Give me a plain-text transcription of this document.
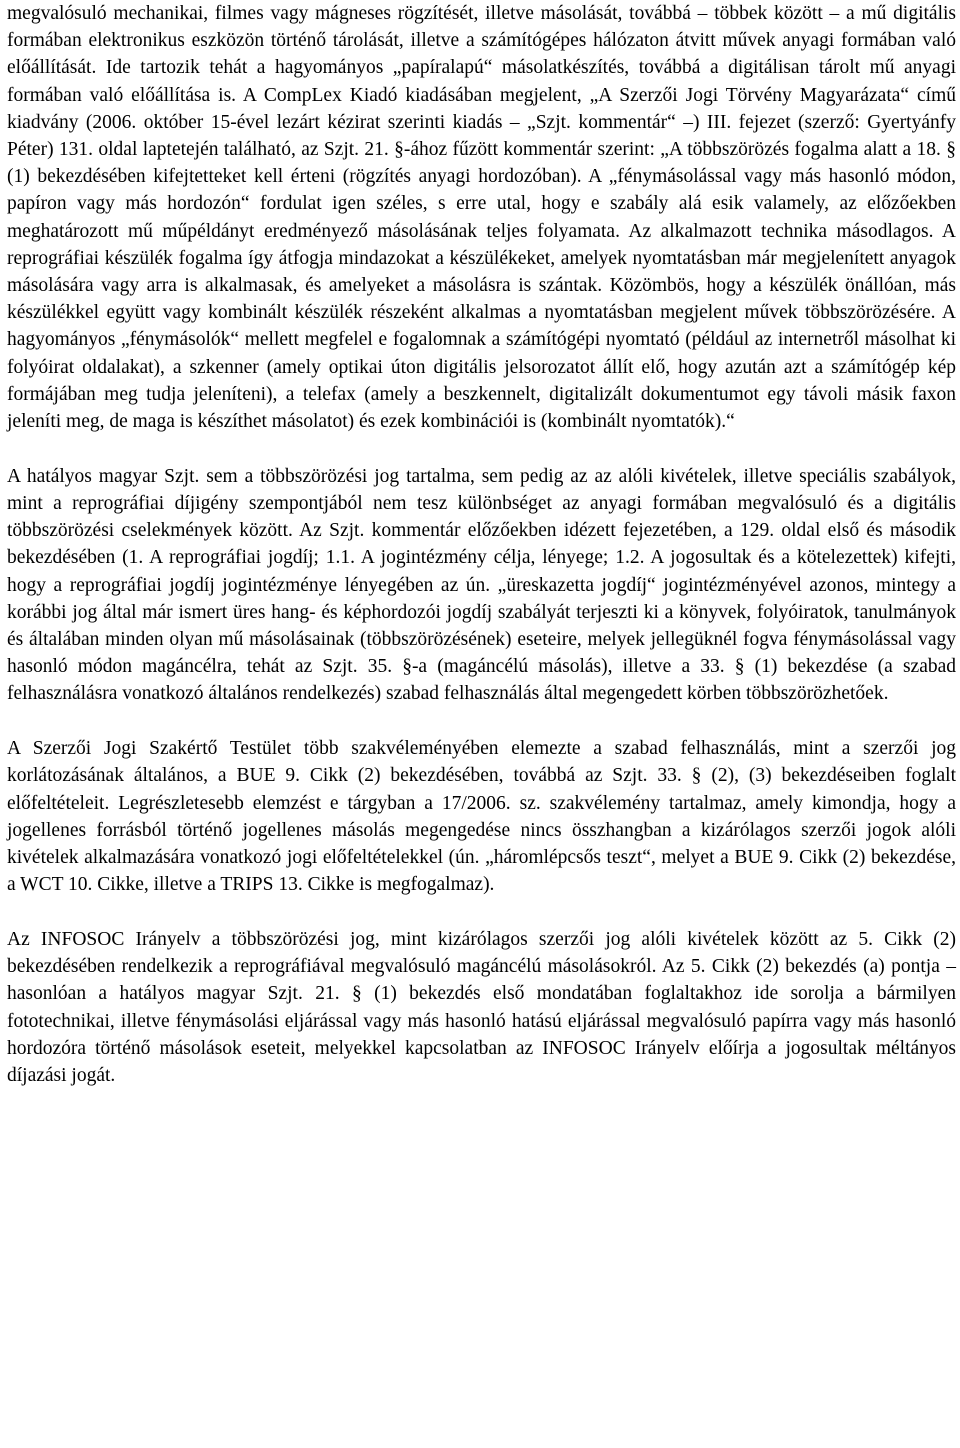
megvalósuló mechanikai, filmes vagy mágneses rögzítését, illetve másolását, továbbá – többek között – a mű digitális formában elektronikus eszközön történő tárolását, illetve a számítógépes hálózaton átvitt művek anyagi formában való előállítását. Ide tartozik tehát a hagyományos „papíralapú“ másolatkészítés, továbbá a digitálisan tárolt mű anyagi formában való előállítása is. A CompLex Kiadó kiadásában megjelent, „A Szerzői Jogi Törvény Magyarázata“ című kiadvány (2006. október 15-ével lezárt kézirat szerinti kiadás – „Szjt. kommentár“ –) III. fejezet (szerző: Gyertyánfy Péter) 131. oldal laptetején található, az Szjt. 21. §-ához fűzött kommentár szerint: „A többszörözés fogalma alatt a 18. § (1) bekezdésében kifejtetteket kell érteni (rögzítés anyagi hordozóban). A „fénymásolással vagy más hasonló módon, papíron vagy más hordozón“ fordulat igen széles, s erre utal, hogy e szabály alá esik valamely, az előzőekben meghatározott mű műpéldányt eredményező másolásának teljes folyamata. Az alkalmazott technika másodlagos. A reprográfiai készülék fogalma így átfogja mindazokat a készülékeket, amelyek nyomtatásban már megjelenített anyagok másolására vagy arra is alkalmasak, és amelyeket a másolásra is szántak. Közömbös, hogy a készülék önállóan, más készülékkel együtt vagy kombinált készülék részeként alkalmas a nyomtatásban megjelent művek többszörözésére. A hagyományos „fénymásolók“ mellett megfelel e fogalomnak a számítógépi nyomtató (például az internetről másolhat ki folyóirat oldalakat), a szkenner (amely optikai úton digitális jelsorozatot állít elő, hogy azután azt a számítógép kép formájában meg tudja jeleníteni), a telefax (amely a beszkennelt, digitalizált dokumentumot egy távoli másik faxon jeleníti meg, de maga is készíthet másolatot) és ezek kombinációi is (kombinált nyomtatók).“

A hatályos magyar Szjt. sem a többszörözési jog tartalma, sem pedig az az alóli kivételek, illetve speciális szabályok, mint a reprográfiai díjigény szempontjából nem tesz különbséget az anyagi formában megvalósuló és a digitális többszörözési cselekmények között. Az Szjt. kommentár előzőekben idézett fejezetében, a 129. oldal első és második bekezdésében (1. A reprográfiai jogdíj; 1.1. A jogintézmény célja, lényege; 1.2. A jogosultak és a kötelezettek) kifejti, hogy a reprográfiai jogdíj jogintézménye lényegében az ún. „üreskazetta jogdíj“ jogintézményével azonos, mintegy a korábbi jog által már ismert üres hang- és képhordozói jogdíj szabályát terjeszti ki a könyvek, folyóiratok, tanulmányok és általában minden olyan mű másolásainak (többszörözésének) eseteire, melyek jellegüknél fogva fénymásolással vagy hasonló módon magáncélra, tehát az Szjt. 35. §-a (magáncélú másolás), illetve a 33. § (1) bekezdése (a szabad felhasználásra vonatkozó általános rendelkezés) szabad felhasználás által megengedett körben többszörözhetőek.

A Szerzői Jogi Szakértő Testület több szakvéleményében elemezte a szabad felhasználás, mint a szerzői jog korlátozásának általános, a BUE 9. Cikk (2) bekezdésében, továbbá az Szjt. 33. § (2), (3) bekezdéseiben foglalt előfeltételeit. Legrészletesebb elemzést e tárgyban a 17/2006. sz. szakvélemény tartalmaz, amely kimondja, hogy a jogellenes forrásból történő jogellenes másolás megengedése nincs összhangban a kizárólagos szerzői jogok alóli kivételek alkalmazására vonatkozó jogi előfeltételekkel (ún. „háromlépcsős teszt“, melyet a BUE 9. Cikk (2) bekezdése, a WCT 10. Cikke, illetve a TRIPS 13. Cikke is megfogalmaz).

Az INFOSOC Irányelv a többszörözési jog, mint kizárólagos szerzői jog alóli kivételek között az 5. Cikk (2) bekezdésében rendelkezik a reprográfiával megvalósuló magáncélú másolásokról. Az 5. Cikk (2) bekezdés (a) pontja – hasonlóan a hatályos magyar Szjt. 21. § (1) bekezdés első mondatában foglaltakhoz ide sorolja a bármilyen fototechnikai, illetve fénymásolási eljárással vagy más hasonló hatású eljárással megvalósuló papírra vagy más hasonló hordozóra történő másolások eseteit, melyekkel kapcsolatban az INFOSOC Irányelv előírja a jogosultak méltányos díjazási jogát.
